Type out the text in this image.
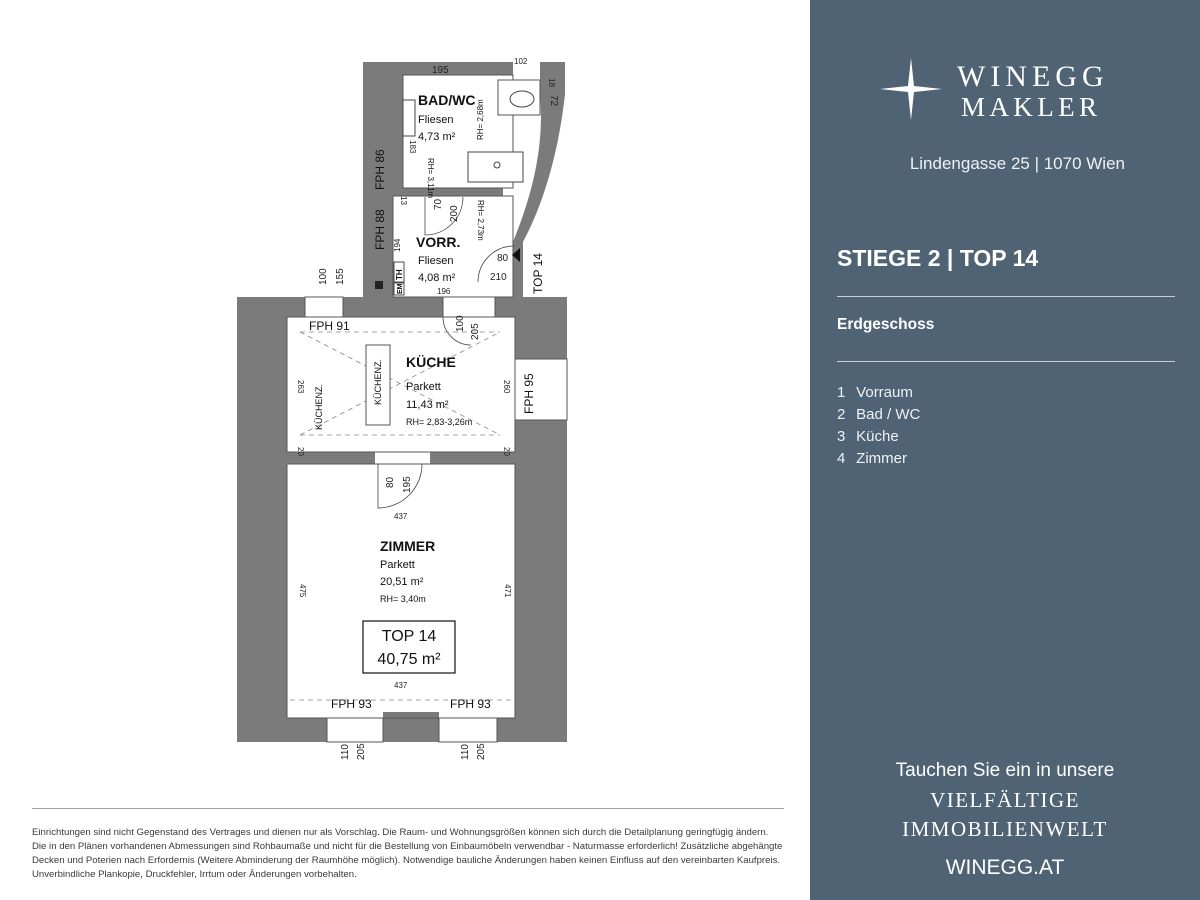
195
102
18
72
183
13	70
200
194
196
80
210
100 155
100 205
263	260
20	20
80 195
437
475	471
437
110 205	110 205
FPH 86
FPH 88
FPH 91
FPH 95
FPH 93	FPH 93
TOP 14
TH
EM
BAD/WC
Fliesen
4,73 m²	RH= 2,68m
RH= 3,11m
VORR.
Fliesen
4,08 m²
RH= 2,73m
KÜCHE
Parkett
11,43 m²
RH= 2,83-3,26m
KÜCHENZ.
KÜCHENZ.
ZIMMER
Parkett
20,51 m²
RH= 3,40m
TOP 14
40,75 m²

Einrichtungen sind nicht Gegenstand des Vertrages und dienen nur als Vorschlag. Die Raum- und Wohnungsgrößen können sich durch die Detailplanung geringfügig ändern. Die in den Plänen vorhandenen Abmessungen sind Rohbaumaße und nicht für die Bestellung von Einbaumöbeln verwendbar - Naturmasse erforderlich! Zusätzliche abgehängte Decken und Poterien nach Erfordernis (Weitere Abminderung der Raumhöhe möglich). Notwendige bauliche Änderungen haben keinen Einfluss auf den vereinbarten Kaufpreis. Unverbindliche Plankopie, Druckfehler, Irrtum oder Änderungen vorbehalten.

WINEGG
MAKLER
Lindengasse 25 | 1070 Wien
STIEGE 2 | TOP 14
Erdgeschoss
1 Vorraum
2 Bad / WC
3 Küche
4 Zimmer
Tauchen Sie ein in unsere
VIELFÄLTIGE
IMMOBILIENWELT
WINEGG.AT
